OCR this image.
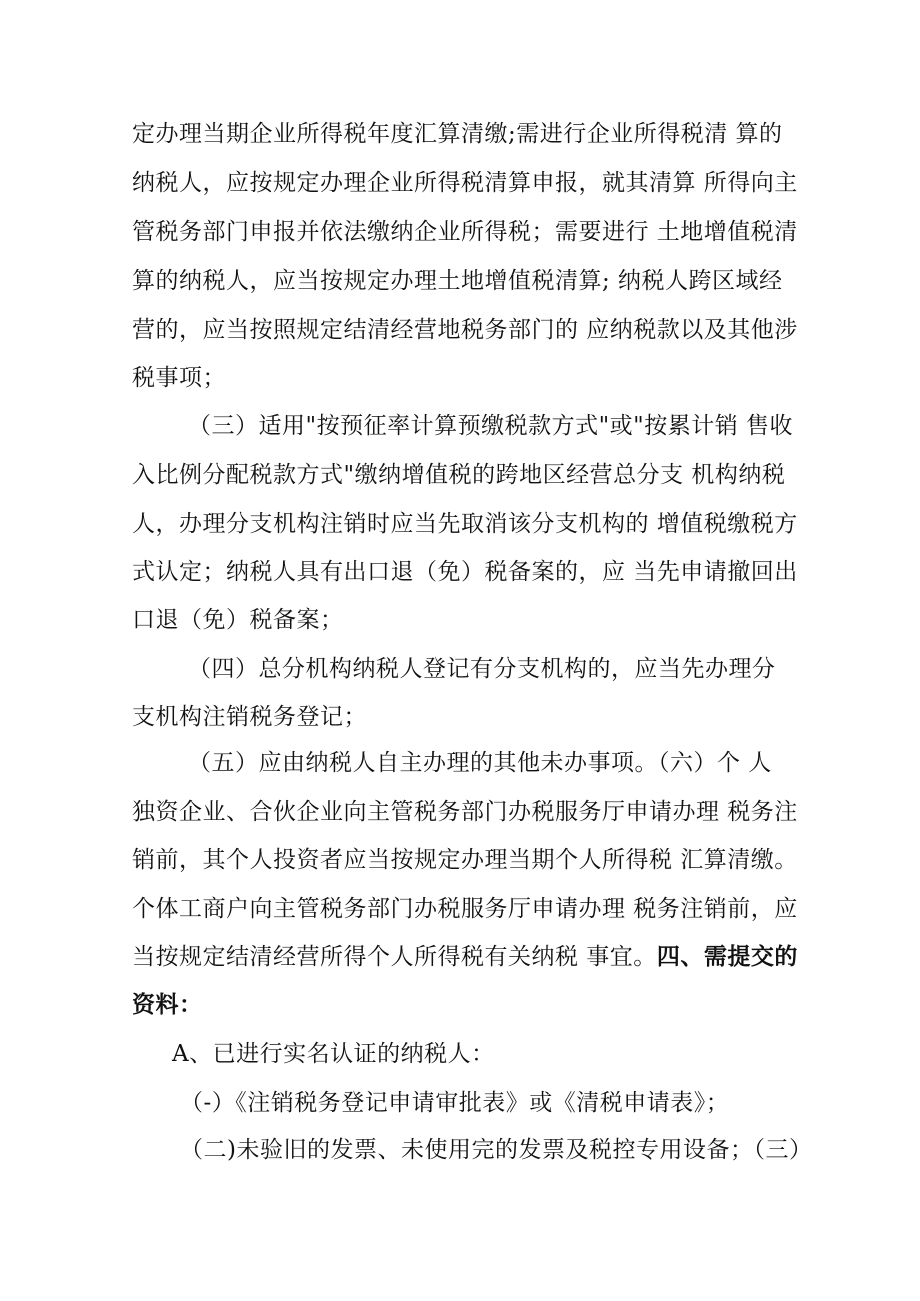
定办理当期企业所得税年度汇算清缴;需进行企业所得税清 算的
纳税人，应按规定办理企业所得税清算申报，就其清算 所得向主
管税务部门申报并依法缴纳企业所得税；需要进行 土地增值税清
算的纳税人，应当按规定办理土地增值税清算; 纳税人跨区域经
营的，应当按照规定结清经营地税务部门的 应纳税款以及其他涉
税事项；
（三）适用"按预征率计算预缴税款方式"或"按累计销 售收
入比例分配税款方式"缴纳增值税的跨地区经营总分支 机构纳税
人，办理分支机构注销时应当先取消该分支机构的 增值税缴税方
式认定；纳税人具有出口退（免）税备案的，应 当先申请撤回出
口退（免）税备案；
（四）总分机构纳税人登记有分支机构的，应当先办理分
支机构注销税务登记；
（五）应由纳税人自主办理的其他未办事项。（六）个 人
独资企业、合伙企业向主管税务部门办税服务厅申请办理 税务注
销前，其个人投资者应当按规定办理当期个人所得税 汇算清缴。
个体工商户向主管税务部门办税服务厅申请办理 税务注销前，应
当按规定结清经营所得个人所得税有关纳税 事宜。四、需提交的
资料：
A、已进行实名认证的纳税人：
（-）《注销税务登记申请审批表》或《清税申请表》；
（二)未验旧的发票、未使用完的发票及税控专用设备；（三）
